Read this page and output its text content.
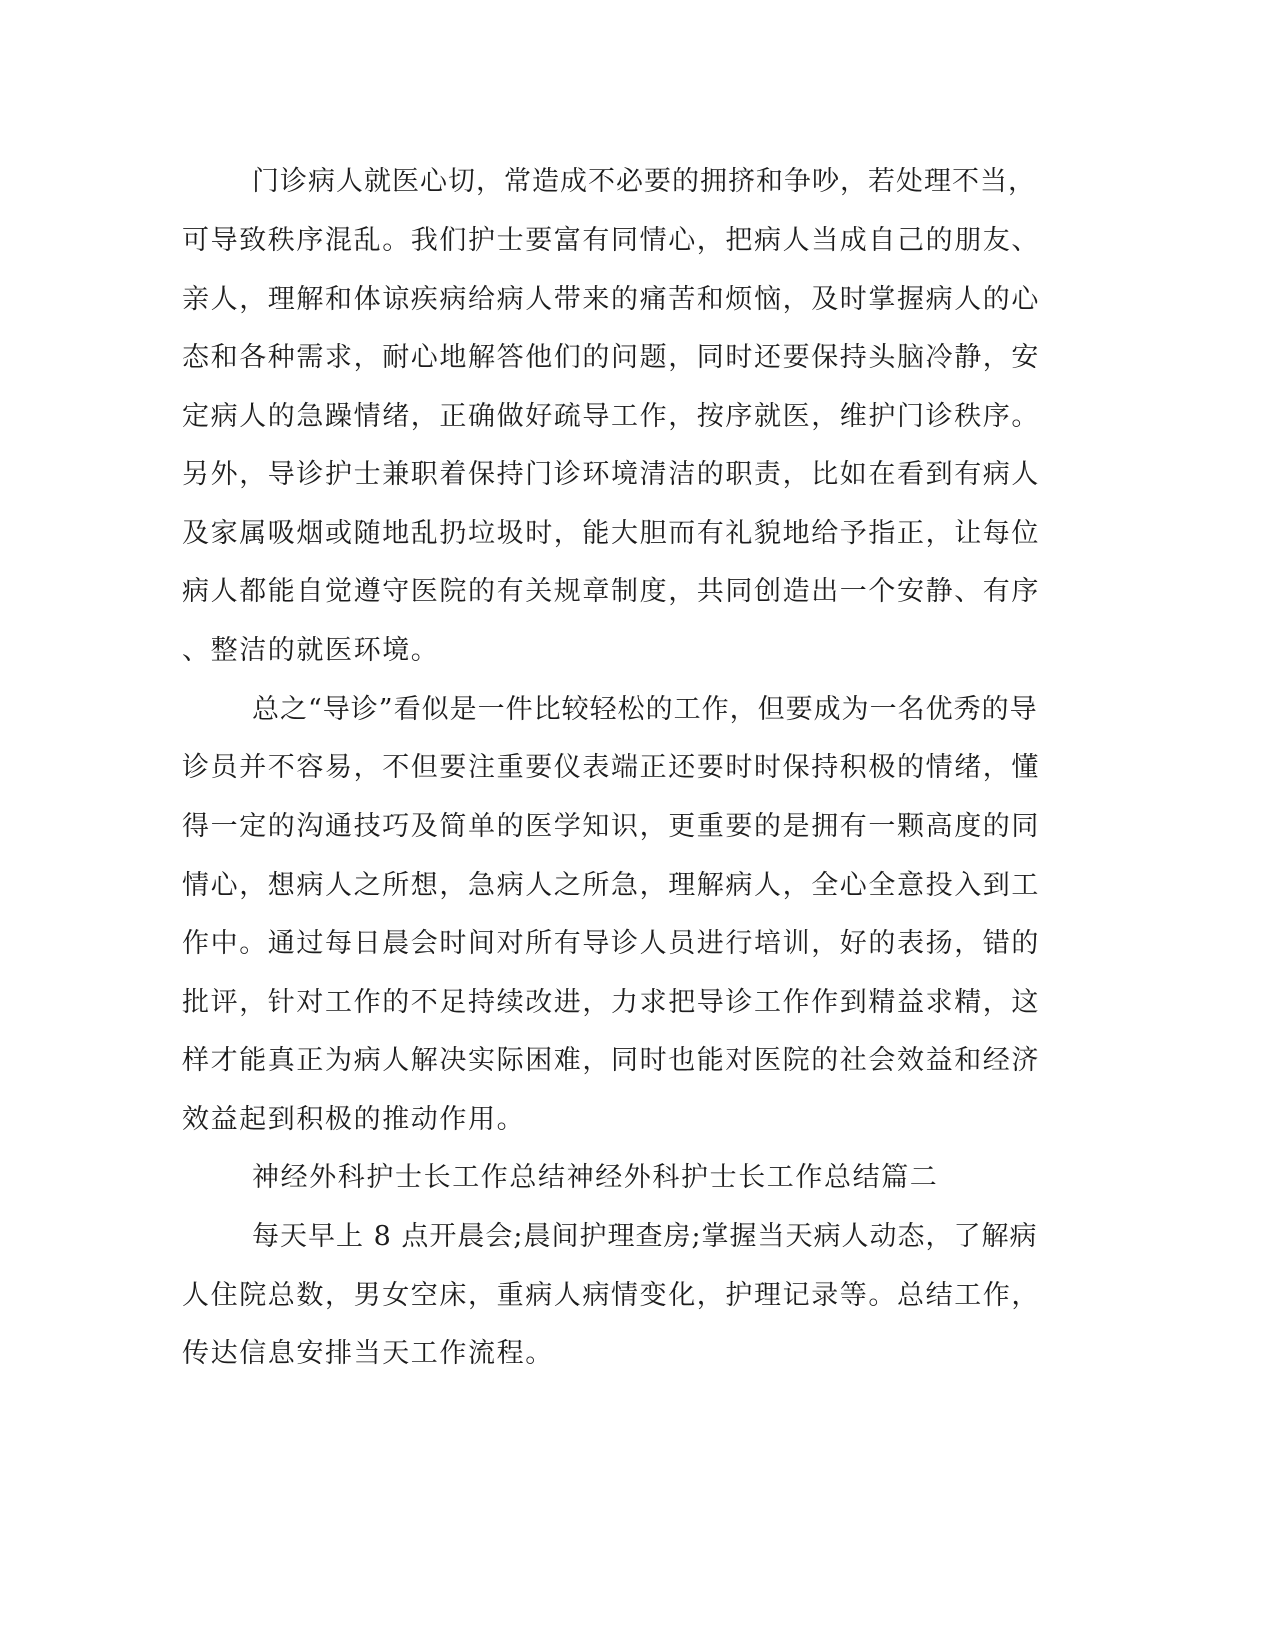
门诊病人就医心切，常造成不必要的拥挤和争吵，若处理不当，
可导致秩序混乱。我们护士要富有同情心，把病人当成自己的朋友、
亲人，理解和体谅疾病给病人带来的痛苦和烦恼，及时掌握病人的心
态和各种需求，耐心地解答他们的问题，同时还要保持头脑冷静，安
定病人的急躁情绪，正确做好疏导工作，按序就医，维护门诊秩序。
另外，导诊护士兼职着保持门诊环境清洁的职责，比如在看到有病人
及家属吸烟或随地乱扔垃圾时，能大胆而有礼貌地给予指正，让每位
病人都能自觉遵守医院的有关规章制度，共同创造出一个安静、有序
、整洁的就医环境。
总之“导诊”看似是一件比较轻松的工作，但要成为一名优秀的导
诊员并不容易，不但要注重要仪表端正还要时时保持积极的情绪，懂
得一定的沟通技巧及简单的医学知识，更重要的是拥有一颗高度的同
情心，想病人之所想，急病人之所急，理解病人，全心全意投入到工
作中。通过每日晨会时间对所有导诊人员进行培训，好的表扬，错的
批评，针对工作的不足持续改进，力求把导诊工作作到精益求精，这
样才能真正为病人解决实际困难，同时也能对医院的社会效益和经济
效益起到积极的推动作用。
神经外科护士长工作总结神经外科护士长工作总结篇二
每天早上 8 点开晨会;晨间护理查房;掌握当天病人动态，了解病
人住院总数，男女空床，重病人病情变化，护理记录等。总结工作，
传达信息安排当天工作流程。
